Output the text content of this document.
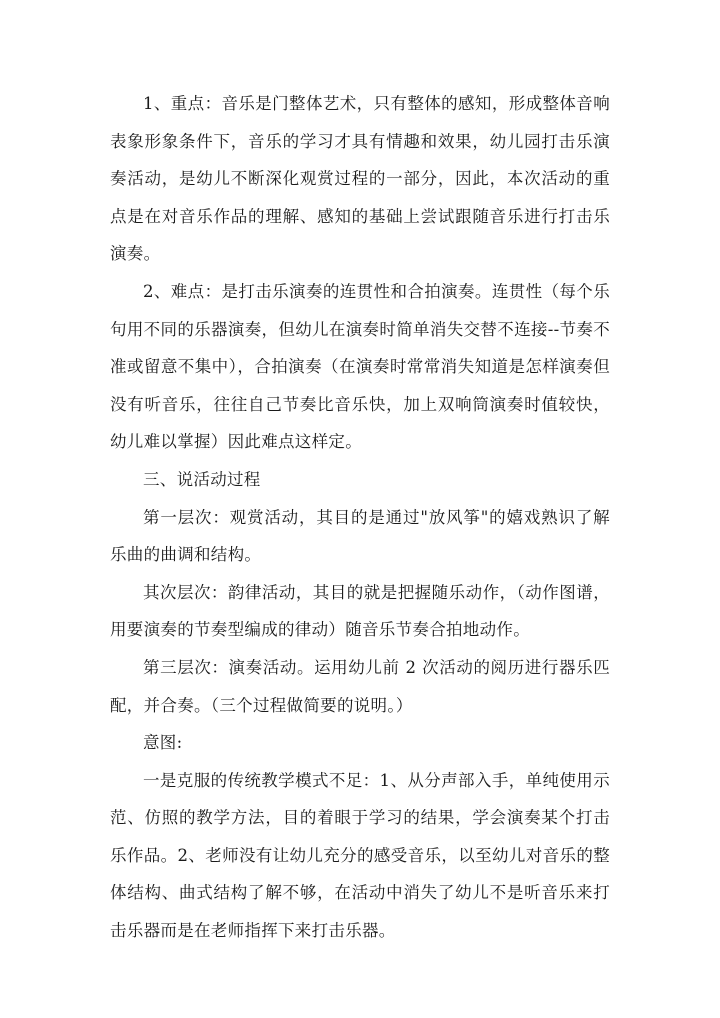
1、重点：音乐是门整体艺术，只有整体的感知，形成整体音响表象形象条件下，音乐的学习才具有情趣和效果，幼儿园打击乐演奏活动，是幼儿不断深化观赏过程的一部分，因此，本次活动的重点是在对音乐作品的理解、感知的基础上尝试跟随音乐进行打击乐演奏。

2、难点：是打击乐演奏的连贯性和合拍演奏。连贯性（每个乐句用不同的乐器演奏，但幼儿在演奏时简单消失交替不连接--节奏不准或留意不集中），合拍演奏（在演奏时常常消失知道是怎样演奏但没有听音乐，往往自己节奏比音乐快，加上双响筒演奏时值较快，幼儿难以掌握）因此难点这样定。

三、说活动过程

第一层次：观赏活动，其目的是通过"放风筝"的嬉戏熟识了解乐曲的曲调和结构。

其次层次：韵律活动，其目的就是把握随乐动作，（动作图谱，用要演奏的节奏型编成的律动）随音乐节奏合拍地动作。

第三层次：演奏活动。运用幼儿前 2 次活动的阅历进行器乐匹配，并合奏。（三个过程做简要的说明。）

意图:

一是克服的传统教学模式不足：1、从分声部入手，单纯使用示范、仿照的教学方法，目的着眼于学习的结果，学会演奏某个打击乐作品。2、老师没有让幼儿充分的感受音乐，以至幼儿对音乐的整体结构、曲式结构了解不够，在活动中消失了幼儿不是听音乐来打击乐器而是在老师指挥下来打击乐器。
